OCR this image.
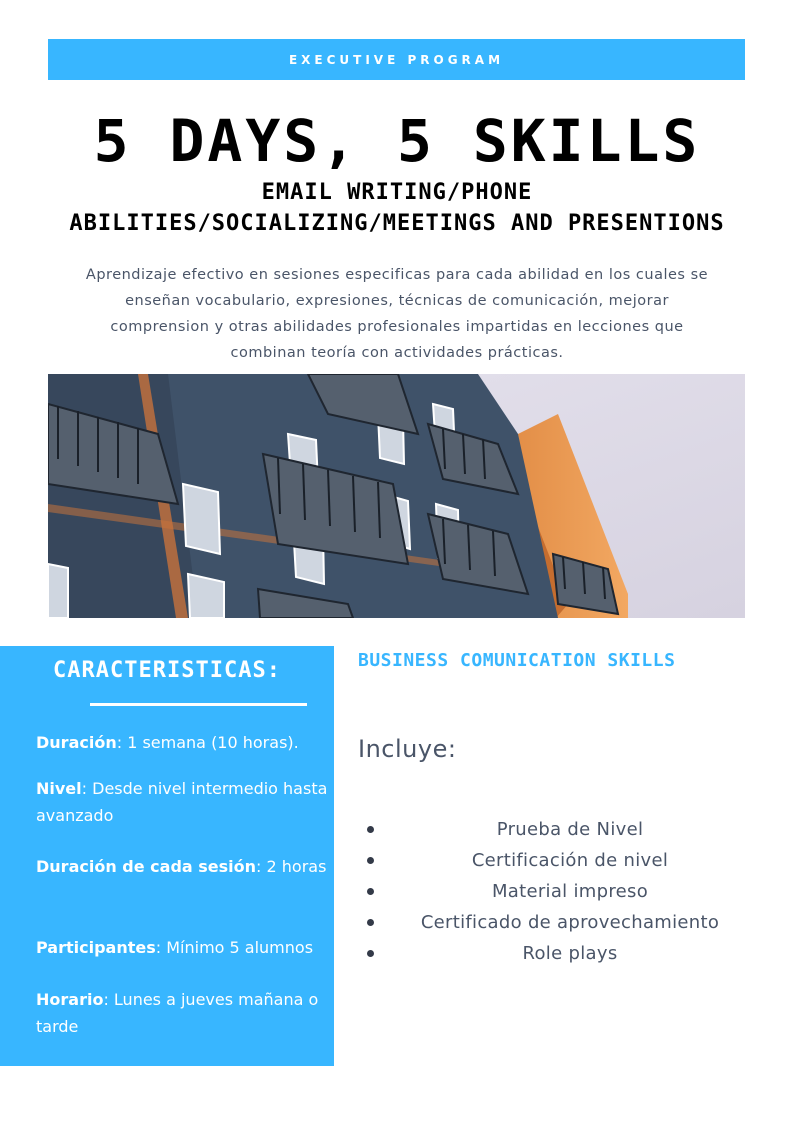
EXECUTIVE PROGRAM
5 DAYS, 5 SKILLS
EMAIL WRITING/PHONE
ABILITIES/SOCIALIZING/MEETINGS AND PRESENTIONS

Aprendizaje efectivo en sesiones especificas para cada abilidad en los cuales se enseñan vocabulario, expresiones, técnicas de comunicación, mejorar comprension y otras abilidades profesionales impartidas en lecciones que combinan teoría con actividades prácticas.

CARACTERISTICAS:

Duración: 1 semana (10 horas).

Nivel: Desde nivel intermedio hasta avanzado

Duración de cada sesión: 2 horas

Participantes: Mínimo 5 alumnos

Horario: Lunes a jueves mañana o tarde

BUSINESS COMUNICATION SKILLS
Incluye:
Prueba de Nivel
Certificación de nivel
Material impreso
Certificado de aprovechamiento
Role plays
